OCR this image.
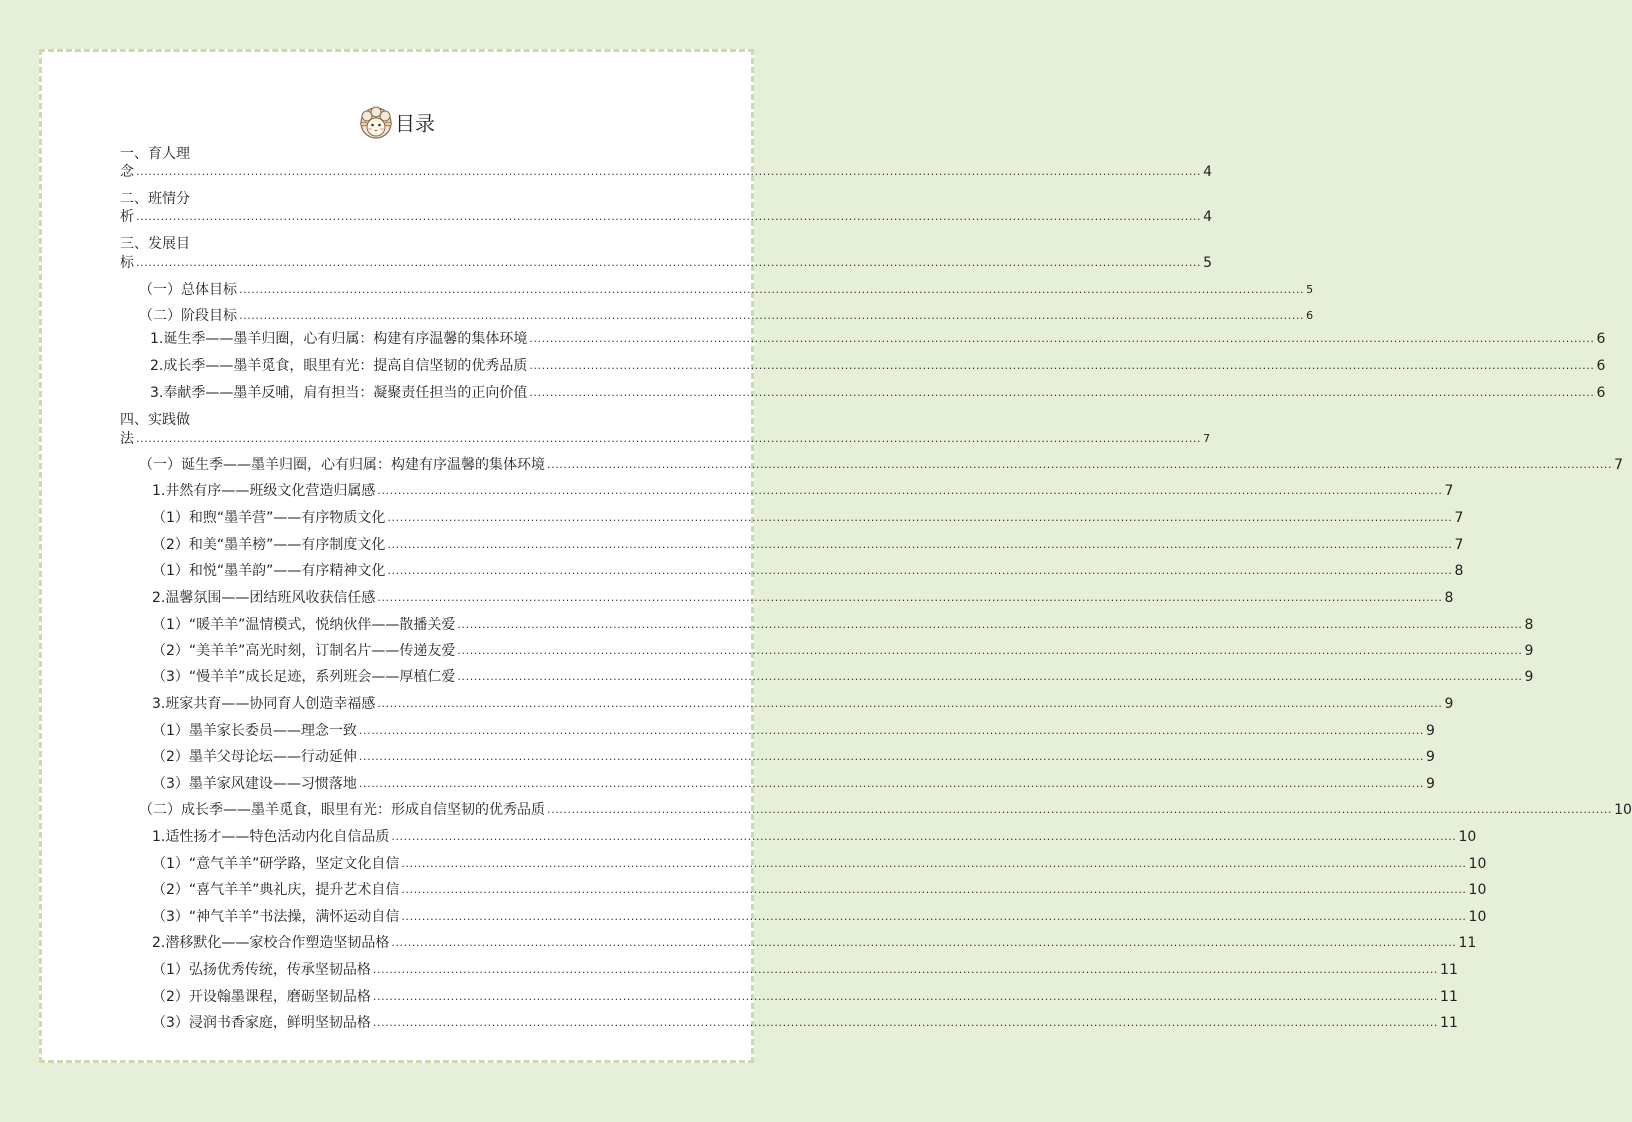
目录
一、育人理
念 .................................................................................................................................................................................................................................................................... 4
二、班情分
析 .................................................................................................................................................................................................................................................................... 4
三、发展目
标 .................................................................................................................................................................................................................................................................... 5
（一）总体目标 .................................................................................................................................................................................................................................................................... 5
（二）阶段目标 .................................................................................................................................................................................................................................................................... 6
1.诞生季——墨羊归圈，心有归属：构建有序温馨的集体环境 .................................................................................................................................................................................................................................................................... 6
2.成长季——墨羊觅食，眼里有光：提高自信坚韧的优秀品质 .................................................................................................................................................................................................................................................................... 6
3.奉献季——墨羊反哺，肩有担当：凝聚责任担当的正向价值 .................................................................................................................................................................................................................................................................... 6
四、实践做
法 .................................................................................................................................................................................................................................................................... 7
（一）诞生季——墨羊归圈，心有归属：构建有序温馨的集体环境 .................................................................................................................................................................................................................................................................... 7
1.井然有序——班级文化营造归属感 .................................................................................................................................................................................................................................................................... 7
（1）和煦“墨羊营”——有序物质文化 .................................................................................................................................................................................................................................................................... 7
（2）和美“墨羊榜”——有序制度文化 .................................................................................................................................................................................................................................................................... 7
（1）和悦“墨羊韵”——有序精神文化 .................................................................................................................................................................................................................................................................... 8
2.温馨氛围——团结班风收获信任感 .................................................................................................................................................................................................................................................................... 8
（1）“暖羊羊”温情模式，悦纳伙伴——散播关爱 .................................................................................................................................................................................................................................................................... 8
（2）“美羊羊”高光时刻，订制名片——传递友爱 .................................................................................................................................................................................................................................................................... 9
（3）“慢羊羊”成长足迹，系列班会——厚植仁爱 .................................................................................................................................................................................................................................................................... 9
3.班家共育——协同育人创造幸福感 .................................................................................................................................................................................................................................................................... 9
（1）墨羊家长委员——理念一致 .................................................................................................................................................................................................................................................................... 9
（2）墨羊父母论坛——行动延伸 .................................................................................................................................................................................................................................................................... 9
（3）墨羊家风建设——习惯落地 .................................................................................................................................................................................................................................................................... 9
（二）成长季——墨羊觅食，眼里有光：形成自信坚韧的优秀品质 .................................................................................................................................................................................................................................................................... 10
1.适性扬才——特色活动内化自信品质 .................................................................................................................................................................................................................................................................... 10
（1）“意气羊羊”研学路，坚定文化自信 .................................................................................................................................................................................................................................................................... 10
（2）“喜气羊羊”典礼庆，提升艺术自信 .................................................................................................................................................................................................................................................................... 10
（3）“神气羊羊”书法操，满怀运动自信 .................................................................................................................................................................................................................................................................... 10
2.潜移默化——家校合作塑造坚韧品格 .................................................................................................................................................................................................................................................................... 11
（1）弘扬优秀传统，传承坚韧品格 .................................................................................................................................................................................................................................................................... 11
（2）开设翰墨课程，磨砺坚韧品格 .................................................................................................................................................................................................................................................................... 11
（3）浸润书香家庭，鲜明坚韧品格 .................................................................................................................................................................................................................................................................... 11
